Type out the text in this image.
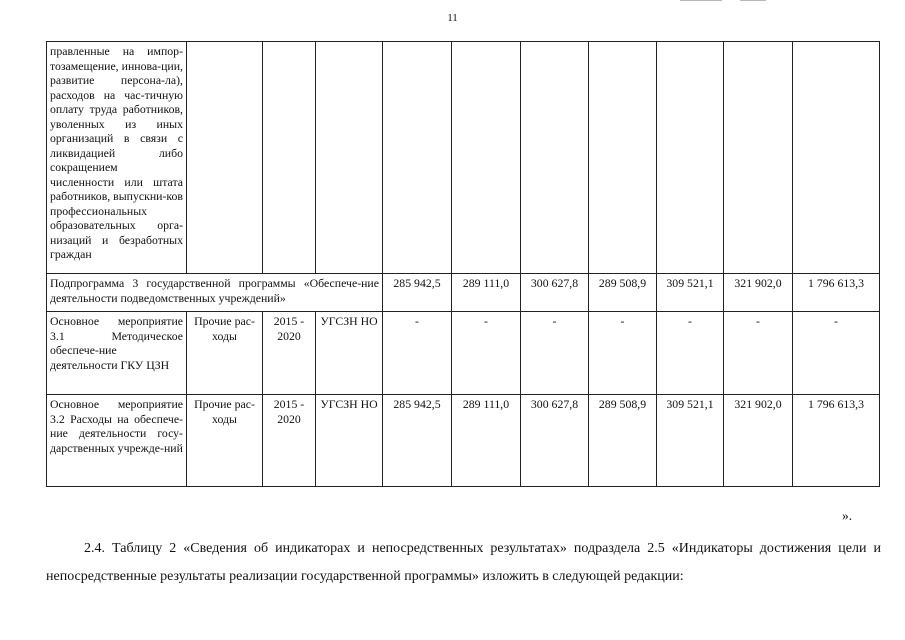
11
правленные на импор-тозамещение, иннова-ции, развитие персона-ла), расходов на час-тичную оплату труда работников, уволенных из иных организаций в связи с ликвидацией либо сокращением численности или штата работников, выпускни-ков профессиональных образовательных орга-низаций и безработных граждан										
Подпрограмма 3 государственной программы «Обеспече-ние деятельности подведомственных учреждений»				285 942,5	289 111,0	300 627,8	289 508,9	309 521,1	321 902,0	1 796 613,3
Основное мероприятие 3.1 Методическое обеспече-ние деятельности ГКУ ЦЗН	Прочие рас-ходы	2015 - 2020	УГСЗН НО	-	-	-	-	-	-	-
Основное мероприятие 3.2 Расходы на обеспече-ние деятельности госу-дарственных учрежде-ний	Прочие рас-ходы	2015 - 2020	УГСЗН НО	285 942,5	289 111,0	300 627,8	289 508,9	309 521,1	321 902,0	1 796 613,3
».

2.4. Таблицу 2 «Сведения об индикаторах и непосредственных результатах» подраздела 2.5 «Индикаторы достижения цели и непосредственные результаты реализации государственной программы» изложить в следующей редакции:
